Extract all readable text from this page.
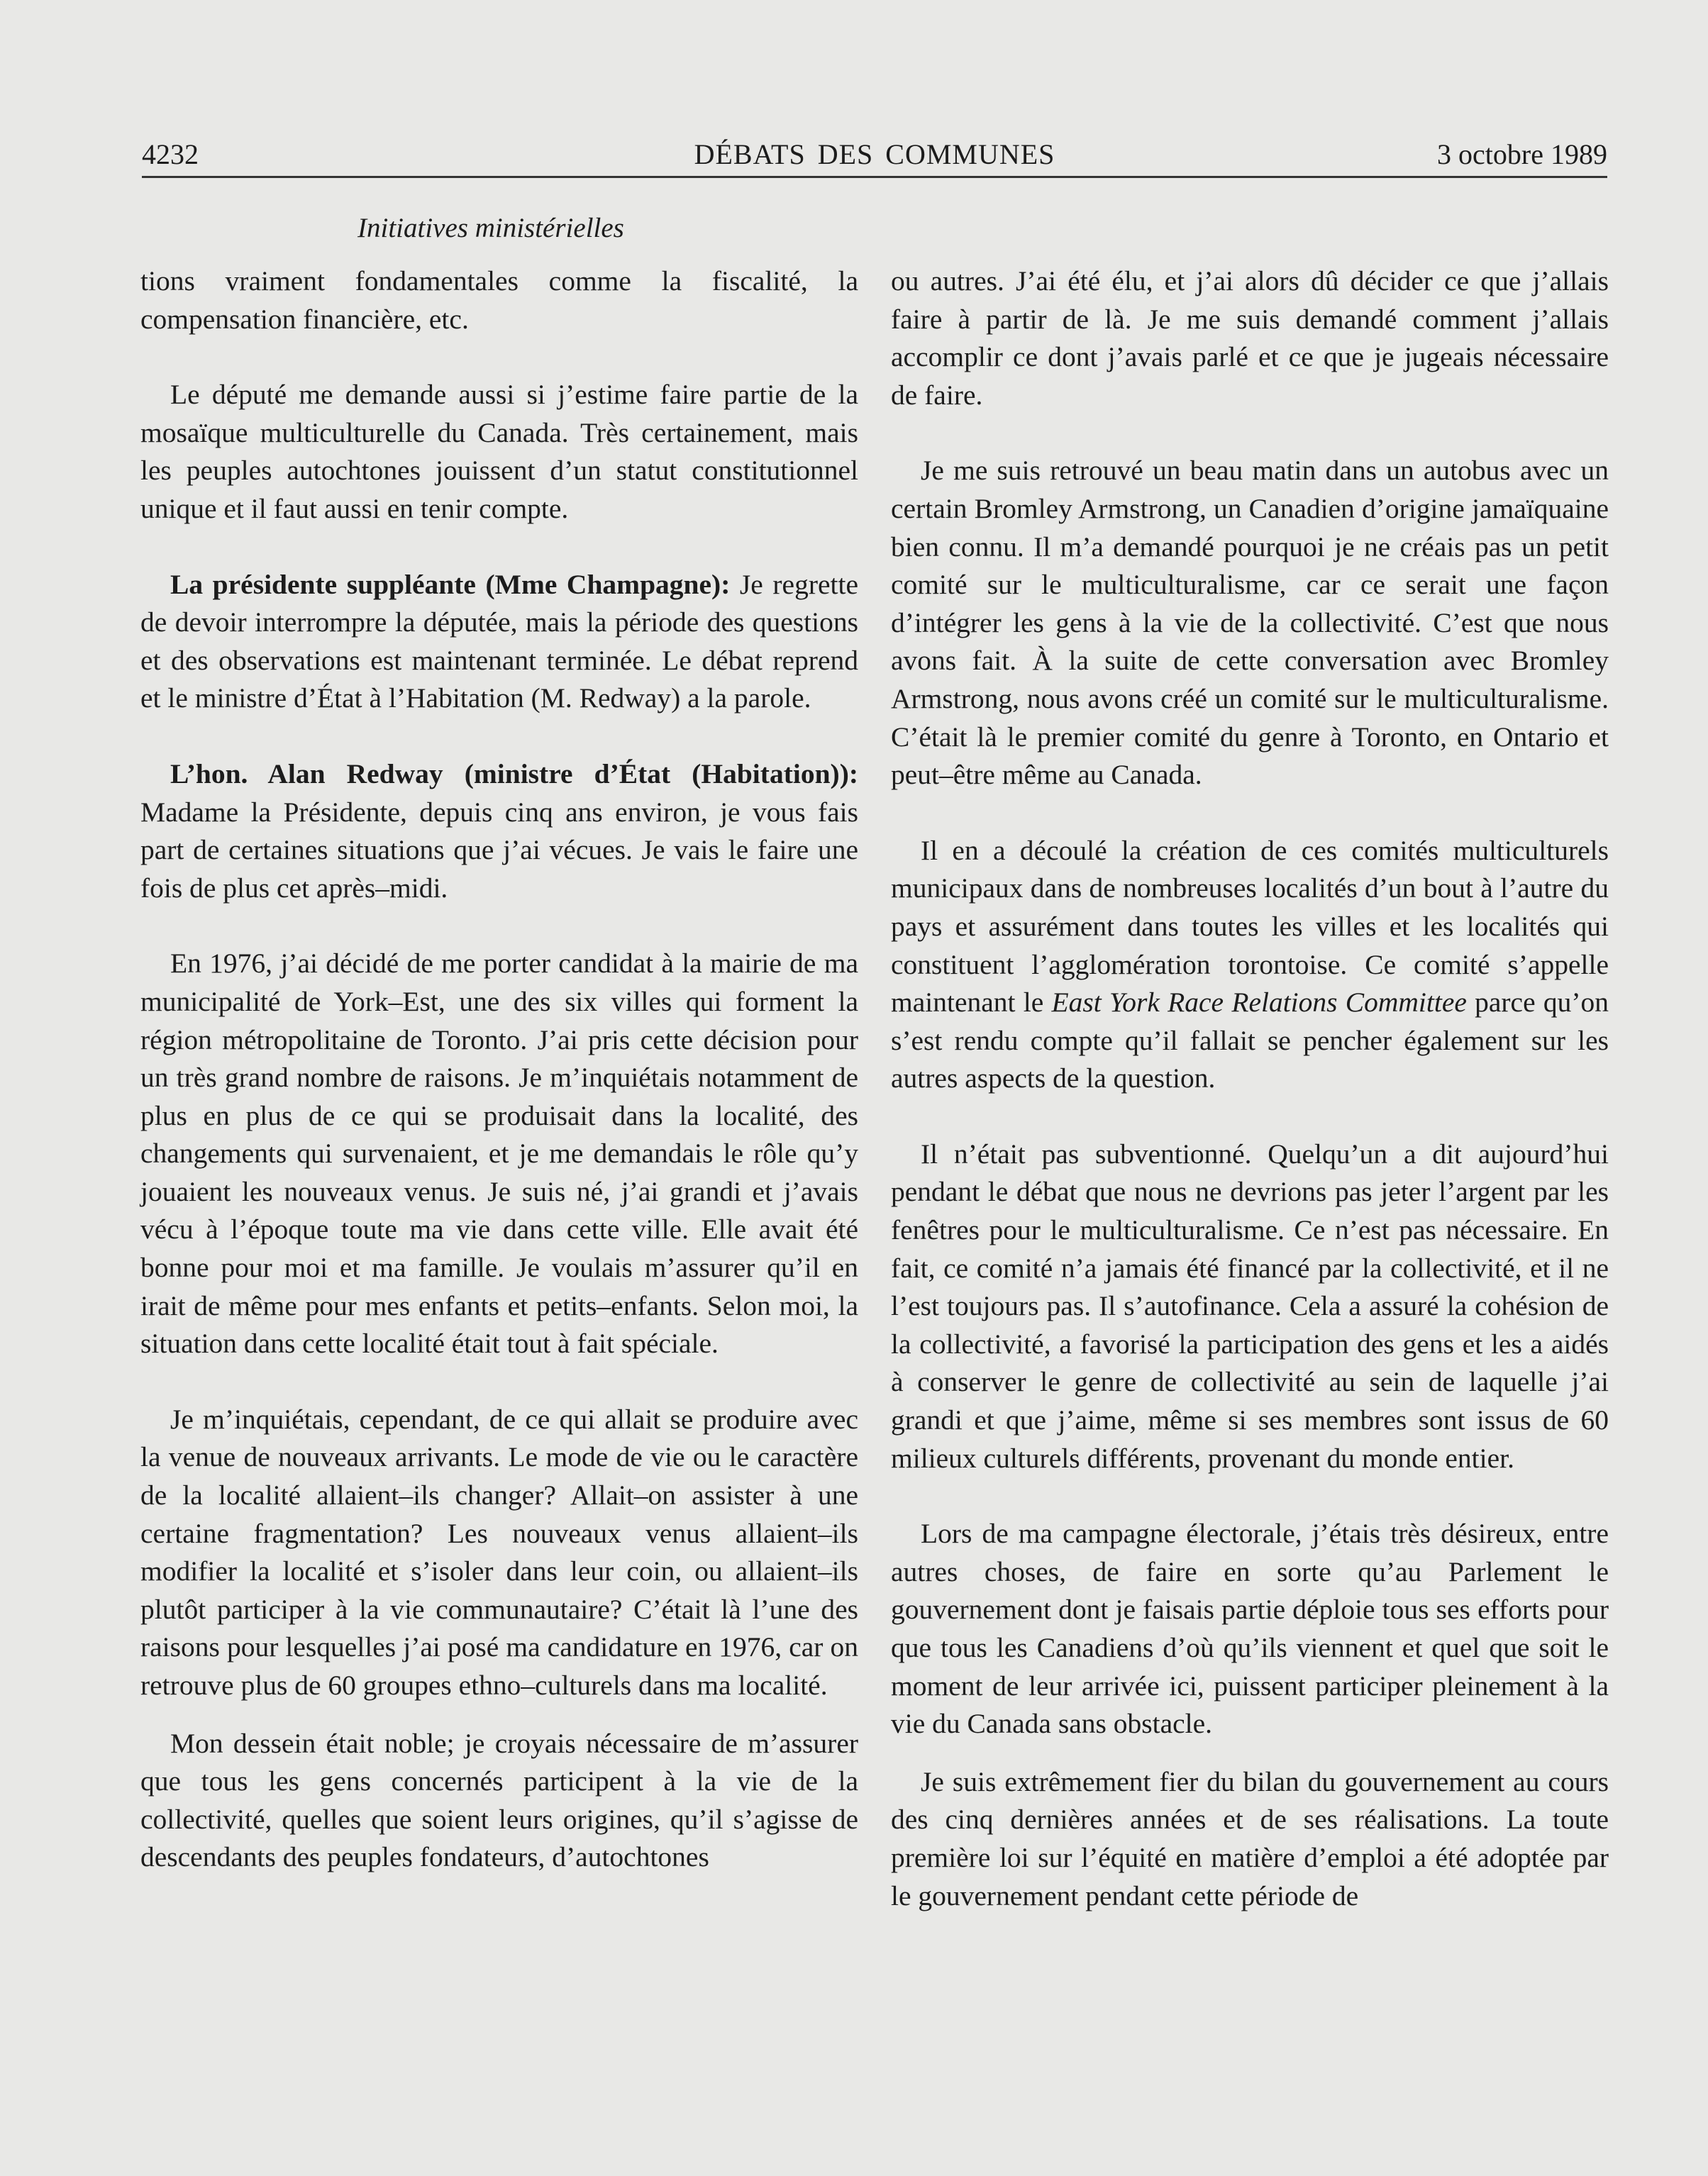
4232	DÉBATS DES COMMUNES	3 octobre 1989
Initiatives ministérielles

tions vraiment fondamentales comme la fiscalité, la compensation financière, etc.

Le député me demande aussi si j’estime faire partie de la mosaïque multiculturelle du Canada. Très certainement, mais les peuples autochtones jouissent d’un statut constitutionnel unique et il faut aussi en tenir compte.

La présidente suppléante (Mme Champagne): Je regrette de devoir interrompre la députée, mais la période des questions et des observations est maintenant terminée. Le débat reprend et le ministre d’État à l’Habitation (M. Redway) a la parole.

L’hon. Alan Redway (ministre d’État (Habitation)): Madame la Présidente, depuis cinq ans environ, je vous fais part de certaines situations que j’ai vécues. Je vais le faire une fois de plus cet après–midi.

En 1976, j’ai décidé de me porter candidat à la mairie de ma municipalité de York–Est, une des six villes qui forment la région métropolitaine de Toronto. J’ai pris cette décision pour un très grand nombre de raisons. Je m’inquiétais notamment de plus en plus de ce qui se produisait dans la localité, des changements qui survenaient, et je me demandais le rôle qu’y jouaient les nouveaux venus. Je suis né, j’ai grandi et j’avais vécu à l’époque toute ma vie dans cette ville. Elle avait été bonne pour moi et ma famille. Je voulais m’assurer qu’il en irait de même pour mes enfants et petits–enfants. Selon moi, la situation dans cette localité était tout à fait spéciale.

Je m’inquiétais, cependant, de ce qui allait se produire avec la venue de nouveaux arrivants. Le mode de vie ou le caractère de la localité allaient–ils changer? Allait–on assister à une certaine fragmentation? Les nouveaux venus allaient–ils modifier la localité et s’isoler dans leur coin, ou allaient–ils plutôt participer à la vie communautaire? C’était là l’une des raisons pour lesquelles j’ai posé ma candidature en 1976, car on retrouve plus de 60 groupes ethno–culturels dans ma localité.

Mon dessein était noble; je croyais nécessaire de m’assurer que tous les gens concernés participent à la vie de la collectivité, quelles que soient leurs origines, qu’il s’agisse de descendants des peuples fondateurs, d’autochtones

ou autres. J’ai été élu, et j’ai alors dû décider ce que j’allais faire à partir de là. Je me suis demandé comment j’allais accomplir ce dont j’avais parlé et ce que je jugeais nécessaire de faire.

Je me suis retrouvé un beau matin dans un autobus avec un certain Bromley Armstrong, un Canadien d’origine jamaïquaine bien connu. Il m’a demandé pourquoi je ne créais pas un petit comité sur le multiculturalisme, car ce serait une façon d’intégrer les gens à la vie de la collectivité. C’est que nous avons fait. À la suite de cette conversation avec Bromley Armstrong, nous avons créé un comité sur le multiculturalisme. C’était là le premier comité du genre à Toronto, en Ontario et peut–être même au Canada.

Il en a découlé la création de ces comités multiculturels municipaux dans de nombreuses localités d’un bout à l’autre du pays et assurément dans toutes les villes et les localités qui constituent l’agglomération torontoise. Ce comité s’appelle maintenant le East York Race Relations Committee parce qu’on s’est rendu compte qu’il fallait se pencher également sur les autres aspects de la question.

Il n’était pas subventionné. Quelqu’un a dit aujourd’hui pendant le débat que nous ne devrions pas jeter l’argent par les fenêtres pour le multiculturalisme. Ce n’est pas nécessaire. En fait, ce comité n’a jamais été financé par la collectivité, et il ne l’est toujours pas. Il s’autofinance. Cela a assuré la cohésion de la collectivité, a favorisé la participation des gens et les a aidés à conserver le genre de collectivité au sein de laquelle j’ai grandi et que j’aime, même si ses membres sont issus de 60 milieux culturels différents, provenant du monde entier.

Lors de ma campagne électorale, j’étais très désireux, entre autres choses, de faire en sorte qu’au Parlement le gouvernement dont je faisais partie déploie tous ses efforts pour que tous les Canadiens d’où qu’ils viennent et quel que soit le moment de leur arrivée ici, puissent participer pleinement à la vie du Canada sans obstacle.

Je suis extrêmement fier du bilan du gouvernement au cours des cinq dernières années et de ses réalisations. La toute première loi sur l’équité en matière d’emploi a été adoptée par le gouvernement pendant cette période de
